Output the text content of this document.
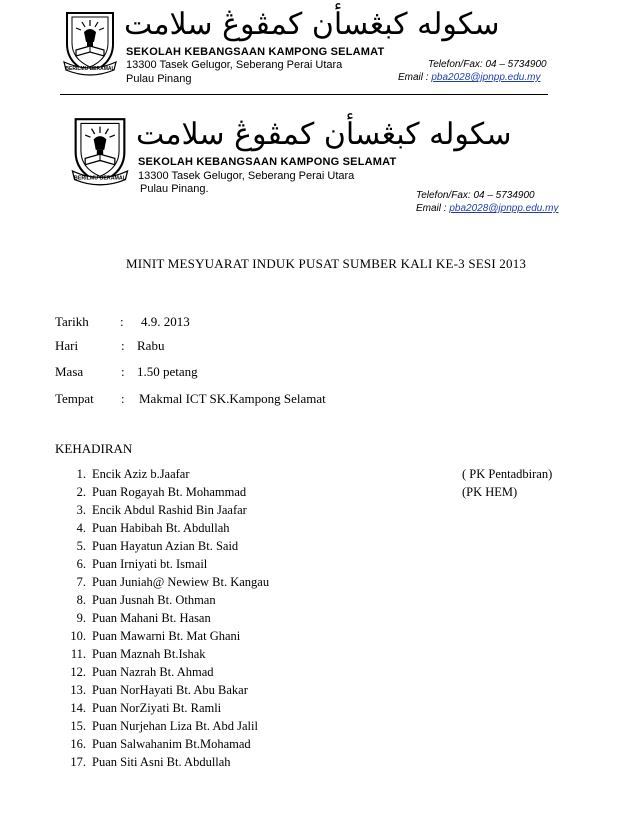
BERILMU BERAMAL
سكوله كبڠسأن كمڤوڠ سلامت
SEKOLAH KEBANGSAAN KAMPONG SELAMAT
13300 Tasek Gelugor, Seberang Perai Utara
Pulau Pinang
Telefon/Fax: 04 – 5734900
Email : pba2028@jpnpp.edu.my
BERILMU BERAMAL
سكوله كبڠسأن كمڤوڠ سلامت
SEKOLAH KEBANGSAAN KAMPONG SELAMAT
13300 Tasek Gelugor, Seberang Perai Utara
Pulau Pinang.
Telefon/Fax: 04 – 5734900
Email : pba2028@jpnpp.edu.my
MINIT MESYUARAT INDUK PUSAT SUMBER KALI KE-3 SESI 2013
Tarikh : 4.9. 2013
Hari	: Rabu
Masa	: 1.50 petang
Tempat : Makmal ICT SK.Kampong Selamat
KEHADIRAN
1. Encik Aziz b.Jaafar	( PK Pentadbiran)
2. Puan Rogayah Bt. Mohammad	(PK HEM)
3. Encik Abdul Rashid Bin Jaafar
4. Puan Habibah Bt. Abdullah
5. Puan Hayatun Azian Bt. Said
6. Puan Irniyati bt. Ismail
7. Puan Juniah@ Newiew Bt. Kangau
8. Puan Jusnah Bt. Othman
9. Puan Mahani Bt. Hasan
10. Puan Mawarni Bt. Mat Ghani
11. Puan Maznah Bt.Ishak
12. Puan Nazrah Bt. Ahmad
13. Puan NorHayati Bt. Abu Bakar
14. Puan NorZiyati Bt. Ramli
15. Puan Nurjehan Liza Bt. Abd Jalil
16. Puan Salwahanim Bt.Mohamad
17. Puan Siti Asni Bt. Abdullah
